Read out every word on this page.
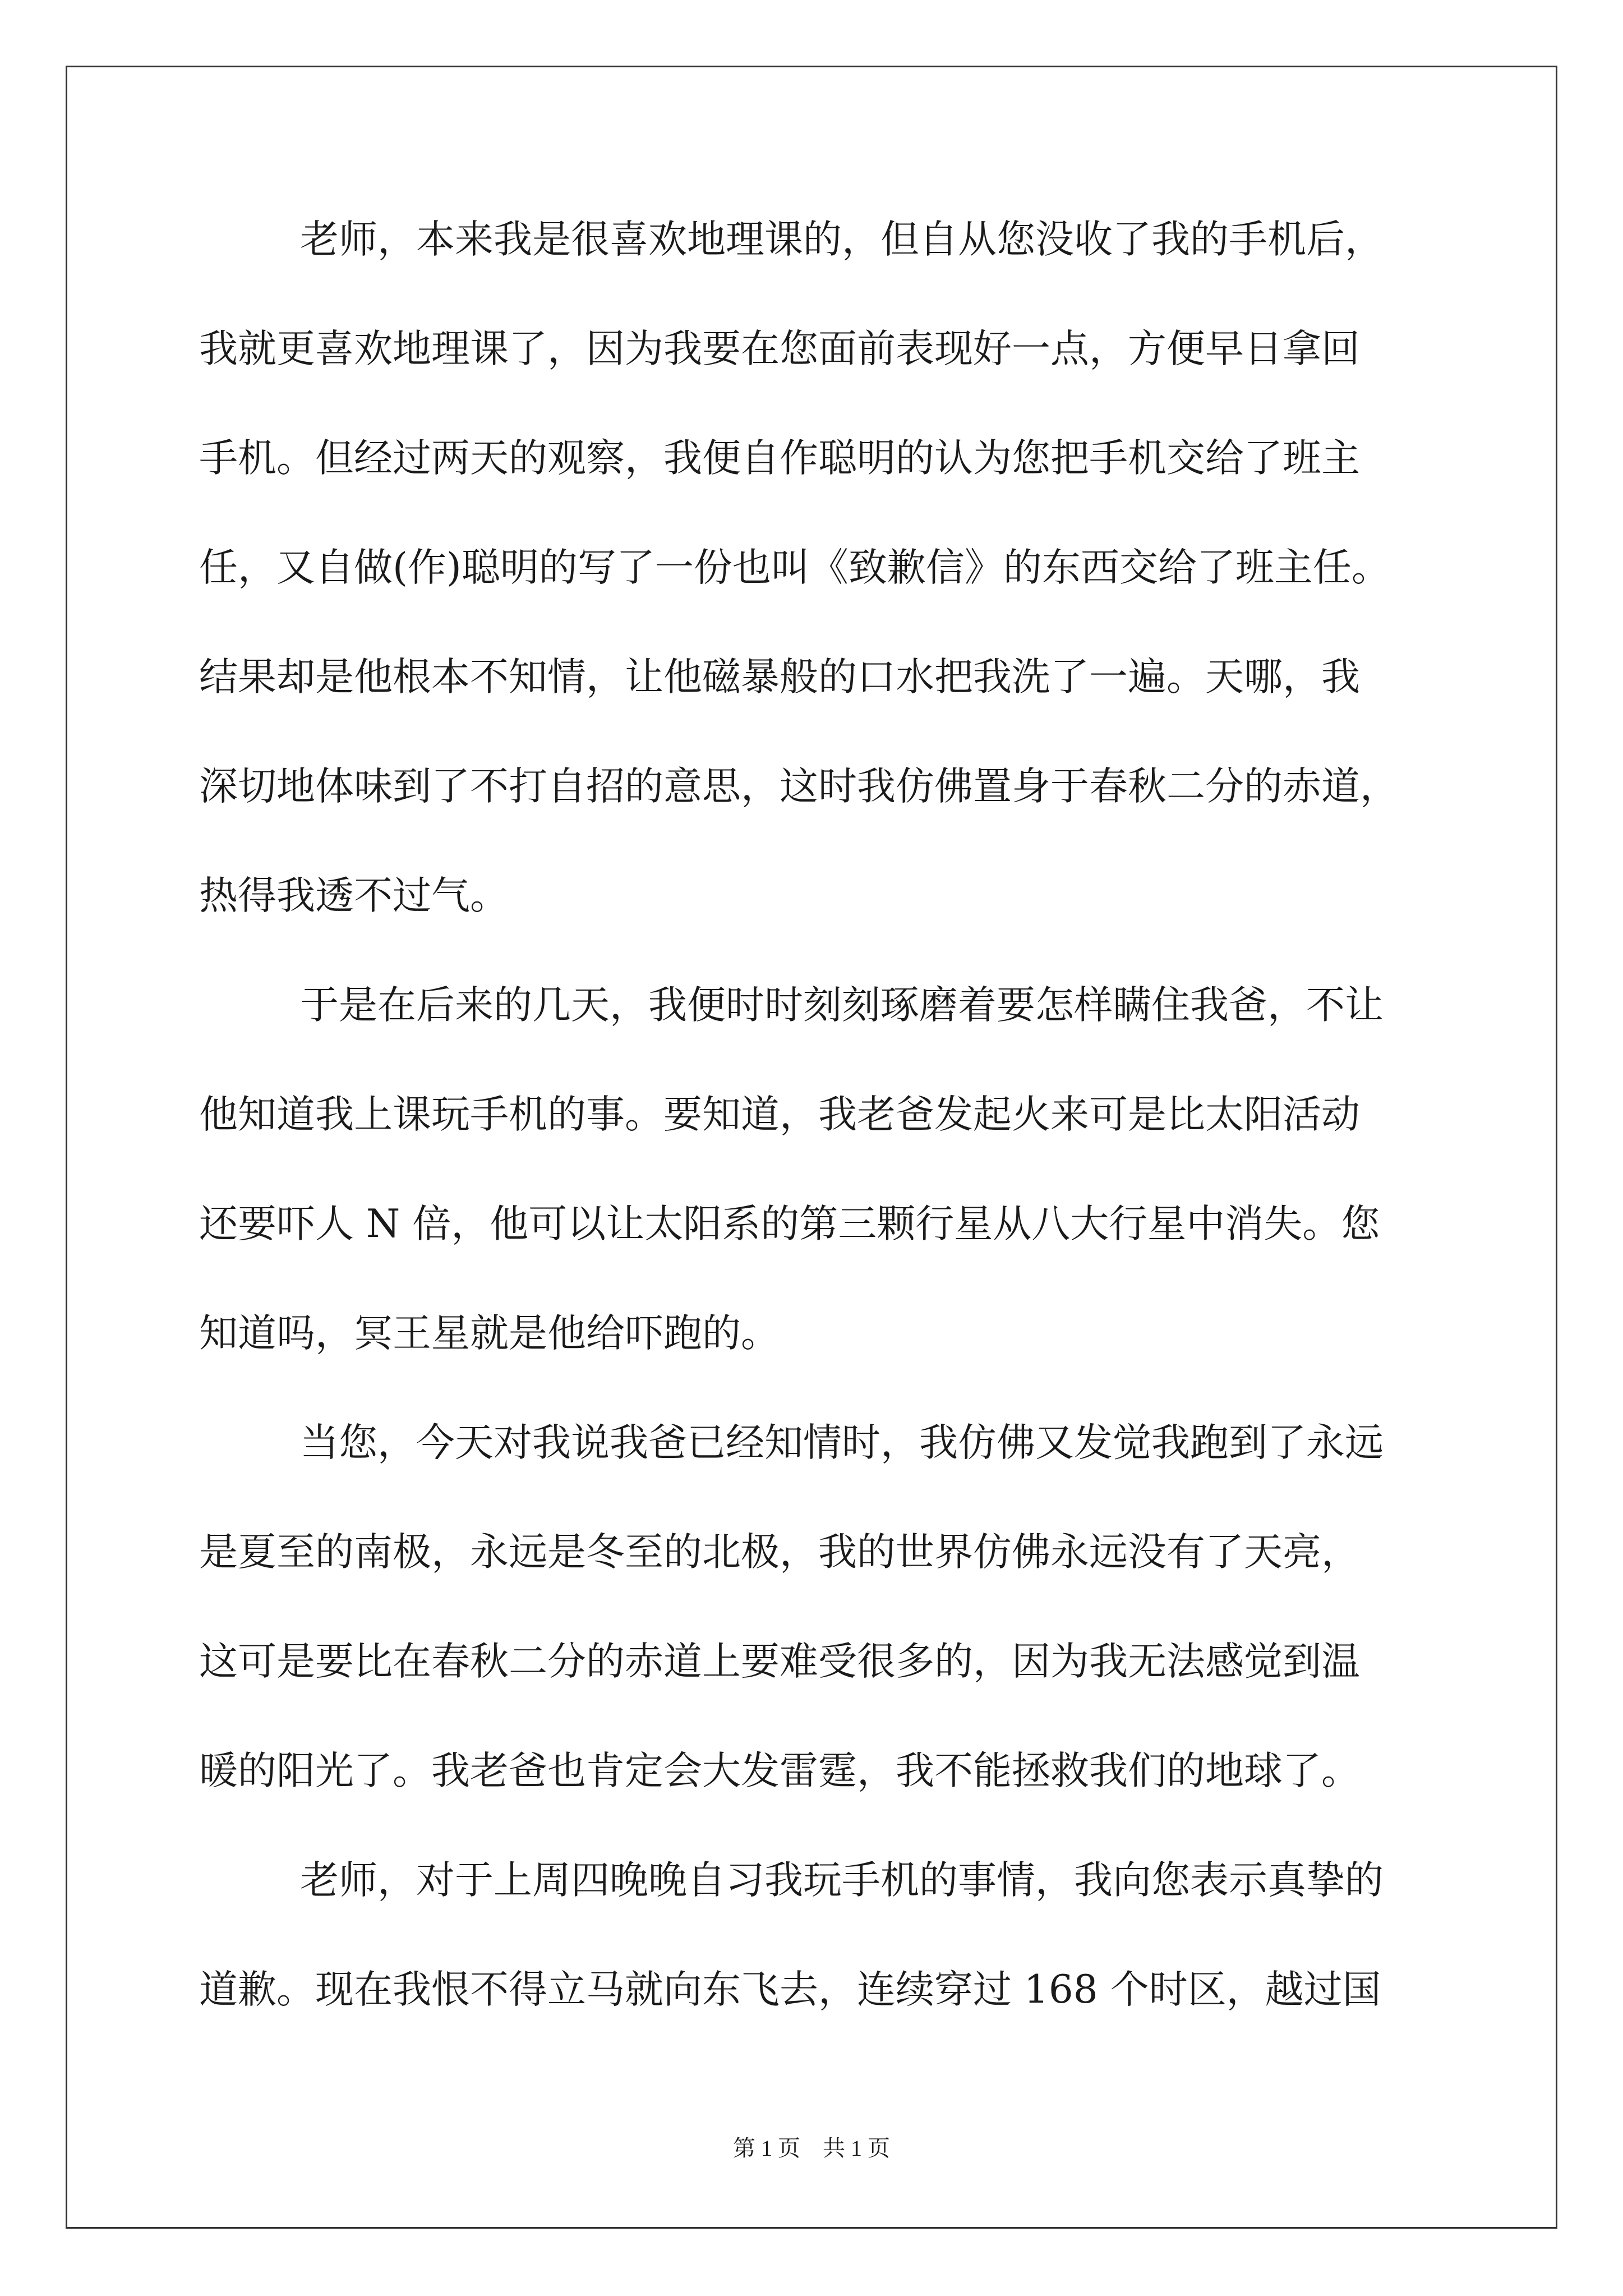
老师，本来我是很喜欢地理课的，但自从您没收了我的手机后，
我就更喜欢地理课了，因为我要在您面前表现好一点，方便早日拿回
手机。但经过两天的观察，我便自作聪明的认为您把手机交给了班主
任，又自做(作)聪明的写了一份也叫《致歉信》的东西交给了班主任。
结果却是他根本不知情，让他磁暴般的口水把我洗了一遍。天哪，我
深切地体味到了不打自招的意思，这时我仿佛置身于春秋二分的赤道，
热得我透不过气。
于是在后来的几天，我便时时刻刻琢磨着要怎样瞒住我爸，不让
他知道我上课玩手机的事。要知道，我老爸发起火来可是比太阳活动
还要吓人 N 倍，他可以让太阳系的第三颗行星从八大行星中消失。您
知道吗，冥王星就是他给吓跑的。
当您，今天对我说我爸已经知情时，我仿佛又发觉我跑到了永远
是夏至的南极，永远是冬至的北极，我的世界仿佛永远没有了天亮，
这可是要比在春秋二分的赤道上要难受很多的，因为我无法感觉到温
暖的阳光了。我老爸也肯定会大发雷霆，我不能拯救我们的地球了。
老师，对于上周四晚晚自习我玩手机的事情，我向您表示真挚的
道歉。现在我恨不得立马就向东飞去，连续穿过 168 个时区，越过国
第 1 页　共 1 页
